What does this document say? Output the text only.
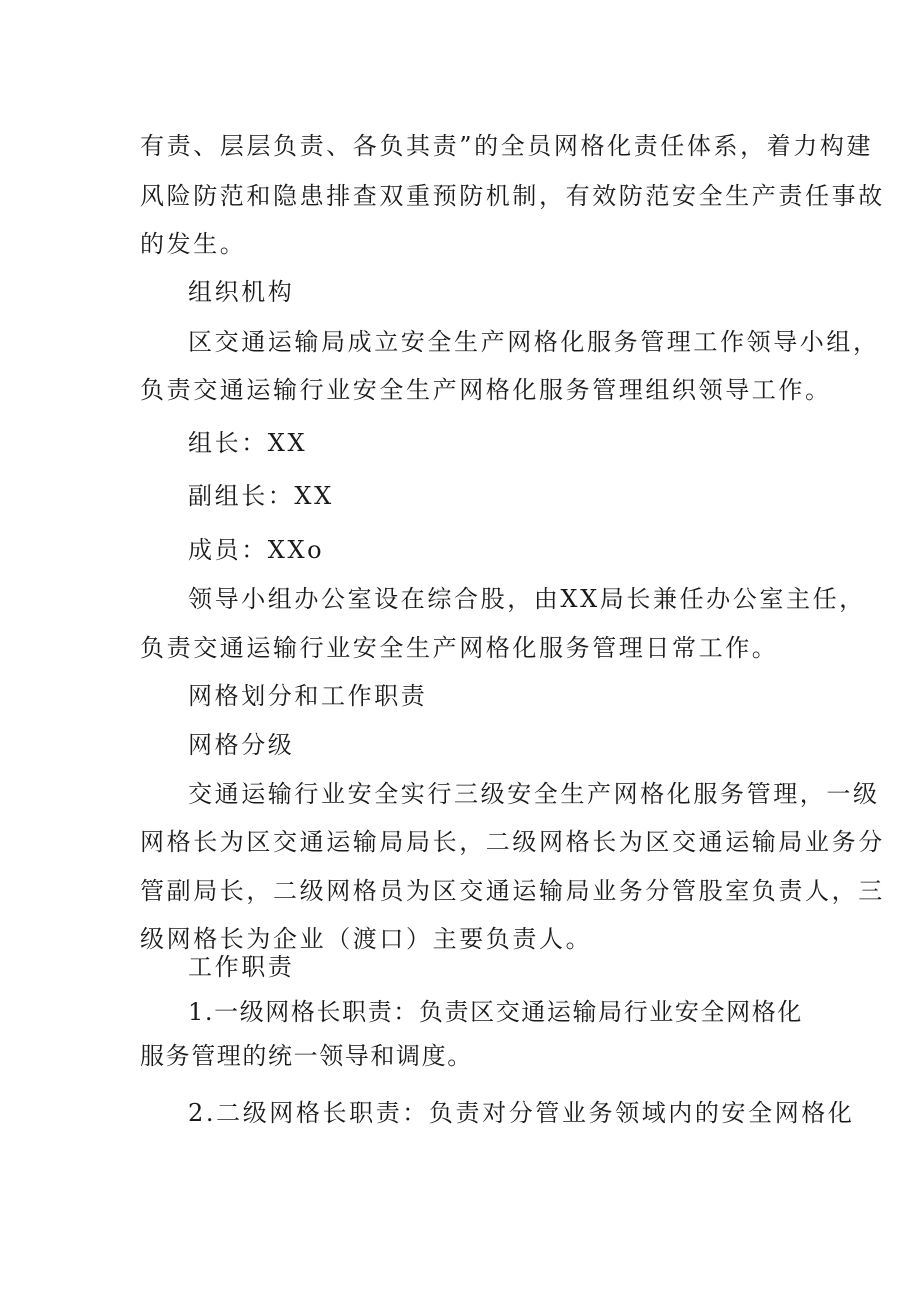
有责、层层负责、各负其责”的全员网格化责任体系，着力构建
风险防范和隐患排查双重预防机制，有效防范安全生产责任事故
的发生。
组织机构
区交通运输局成立安全生产网格化服务管理工作领导小组，
负责交通运输行业安全生产网格化服务管理组织领导工作。
组长：XX
副组长：XX
成员：XXo
领导小组办公室设在综合股，由XX局长兼任办公室主任，
负责交通运输行业安全生产网格化服务管理日常工作。
网格划分和工作职责
网格分级
交通运输行业安全实行三级安全生产网格化服务管理，一级
网格长为区交通运输局局长，二级网格长为区交通运输局业务分
管副局长，二级网格员为区交通运输局业务分管股室负责人，三
级网格长为企业（渡口）主要负责人。
工作职责
1.一级网格长职责：负责区交通运输局行业安全网格化
服务管理的统一领导和调度。
2.二级网格长职责：负责对分管业务领域内的安全网格化
